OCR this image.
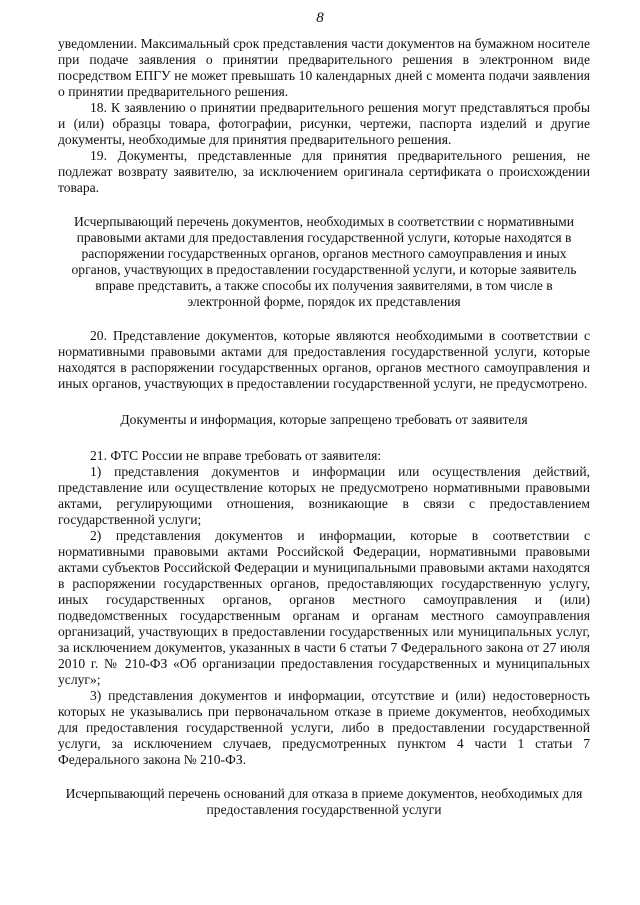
8

уведомлении. Максимальный срок представления части документов на бумажном носителе при подаче заявления о принятии предварительного решения в электронном виде посредством ЕПГУ не может превышать 10 календарных дней с момента подачи заявления о принятии предварительного решения.

18. К заявлению о принятии предварительного решения могут представляться пробы и (или) образцы товара, фотографии, рисунки, чертежи, паспорта изделий и другие документы, необходимые для принятия предварительного решения.

19. Документы, представленные для принятия предварительного решения, не подлежат возврату заявителю, за исключением оригинала сертификата о происхождении товара.

Исчерпывающий перечень документов, необходимых в соответствии с нормативными правовыми актами для предоставления государственной услуги, которые находятся в распоряжении государственных органов, органов местного самоуправления и иных органов, участвующих в предоставлении государственной услуги, и которые заявитель вправе представить, а также способы их получения заявителями, в том числе в электронной форме, порядок их представления

20. Представление документов, которые являются необходимыми в соответствии с нормативными правовыми актами для предоставления государственной услуги, которые находятся в распоряжении государственных органов, органов местного самоуправления и иных органов, участвующих в предоставлении государственной услуги, не предусмотрено.

Документы и информация, которые запрещено требовать от заявителя

21. ФТС России не вправе требовать от заявителя:

1) представления документов и информации или осуществления действий, представление или осуществление которых не предусмотрено нормативными правовыми актами, регулирующими отношения, возникающие в связи с предоставлением государственной услуги;

2) представления документов и информации, которые в соответствии с нормативными правовыми актами Российской Федерации, нормативными правовыми актами субъектов Российской Федерации и муниципальными правовыми актами находятся в распоряжении государственных органов, предоставляющих государственную услугу, иных государственных органов, органов местного самоуправления и (или) подведомственных государственным органам и органам местного самоуправления организаций, участвующих в предоставлении государственных или муниципальных услуг, за исключением документов, указанных в части 6 статьи 7 Федерального закона от 27 июля 2010 г. № 210-ФЗ «Об организации предоставления государственных и муниципальных услуг»;

3) представления документов и информации, отсутствие и (или) недостоверность которых не указывались при первоначальном отказе в приеме документов, необходимых для предоставления государственной услуги, либо в предоставлении государственной услуги, за исключением случаев, предусмотренных пунктом 4 части 1 статьи 7 Федерального закона № 210-ФЗ.

Исчерпывающий перечень оснований для отказа в приеме документов, необходимых для предоставления государственной услуги
